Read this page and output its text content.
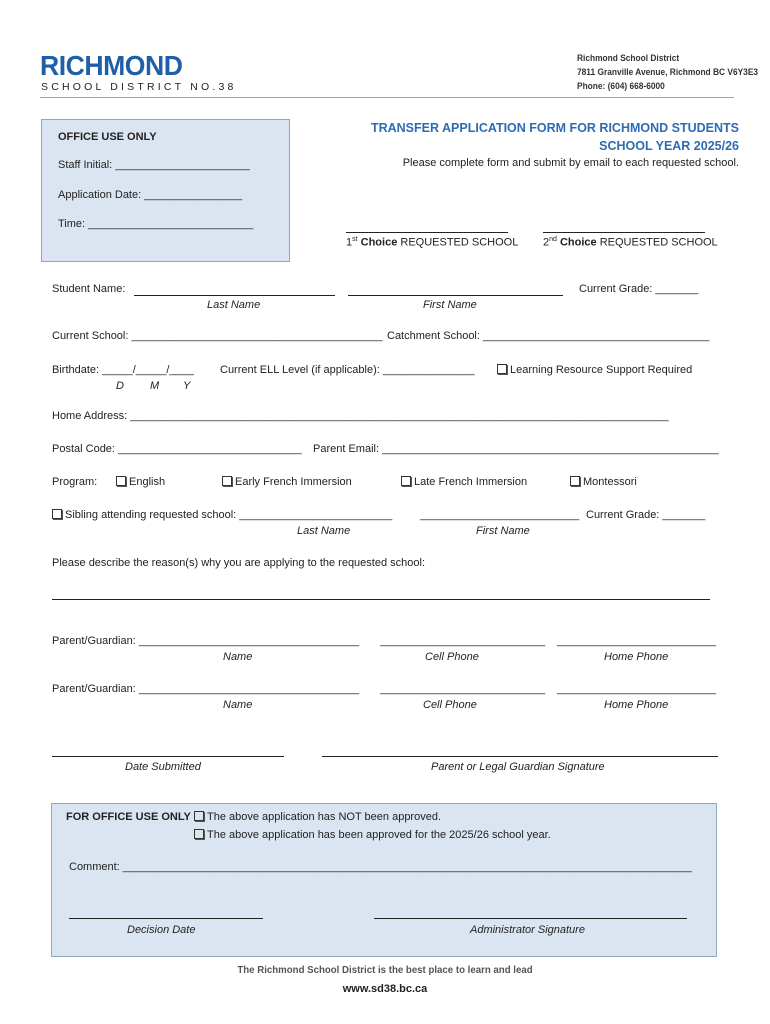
RICHMOND
SCHOOL DISTRICT NO.38
Richmond School District
7811 Granville Avenue, Richmond BC V6Y3E3
Phone: (604) 668-6000
OFFICE USE ONLY
Staff Initial: ______________________
Application Date: ________________
Time: ___________________________
TRANSFER APPLICATION FORM FOR RICHMOND STUDENTS
SCHOOL YEAR 2025/26
Please complete form and submit by email to each requested school.
1st Choice REQUESTED SCHOOL 2nd Choice REQUESTED SCHOOL
Student Name:	Current Grade: _______
Last Name	First Name
Current School: _________________________________________ Catchment School: _____________________________________
Birthdate: _____/_____/____
D M Y
Current ELL Level (if applicable): _______________	Learning Resource Support Required
Home Address: ________________________________________________________________________________________
Postal Code: ______________________________ Parent Email: _______________________________________________________
Program:	English	Early French Immersion	Late French Immersion	Montessori
Sibling attending requested school: _________________________	__________________________ Current Grade: _______
Last Name	First Name
Please describe the reason(s) why you are applying to the requested school:
Parent/Guardian: ____________________________________ ___________________________ __________________________
Name	Cell Phone	Home Phone
Parent/Guardian: ____________________________________ ___________________________ __________________________
Name	Cell Phone	Home Phone
Date Submitted	Parent or Legal Guardian Signature
FOR OFFICE USE ONLY	The above application has NOT been approved.
The above application has been approved for the 2025/26 school year.
Comment: _____________________________________________________________________________________________
Decision Date	Administrator Signature
The Richmond School District is the best place to learn and lead
www.sd38.bc.ca
